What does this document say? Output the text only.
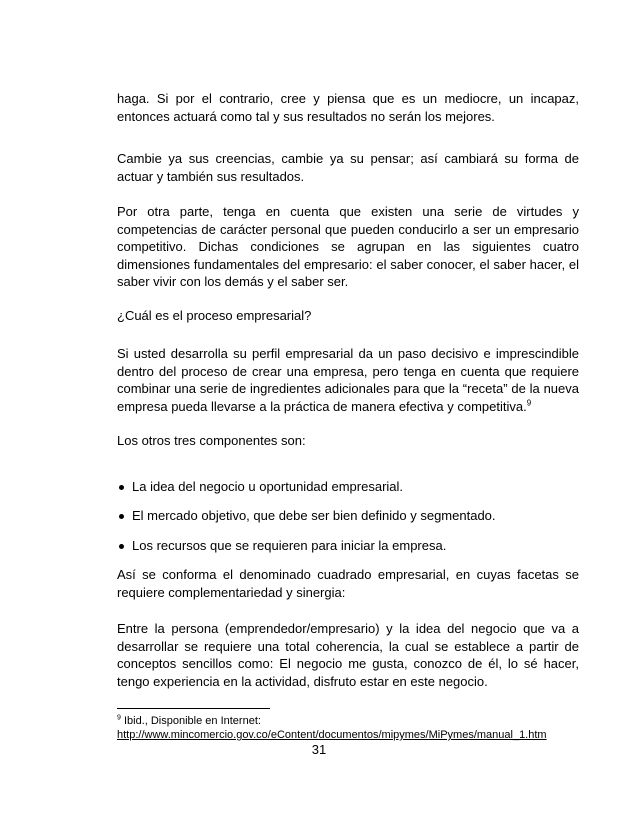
haga. Si por el contrario, cree y piensa que es un mediocre, un incapaz, entonces actuará como tal y sus resultados no serán los mejores.

Cambie ya sus creencias, cambie ya su pensar; así cambiará su forma de actuar y también sus resultados.

Por otra parte, tenga en cuenta que existen una serie de virtudes y competencias de carácter personal que pueden conducirlo a ser un empresario competitivo. Dichas condiciones se agrupan en las siguientes cuatro dimensiones fundamentales del empresario: el saber conocer, el saber hacer, el saber vivir con los demás y el saber ser.

¿Cuál es el proceso empresarial?

Si usted desarrolla su perfil empresarial da un paso decisivo e imprescindible dentro del proceso de crear una empresa, pero tenga en cuenta que requiere combinar una serie de ingredientes adicionales para que la “receta” de la nueva empresa pueda llevarse a la práctica de manera efectiva y competitiva.$^9$

Los otros tres componentes son:

La idea del negocio u oportunidad empresarial.
El mercado objetivo, que debe ser bien definido y segmentado.
Los recursos que se requieren para iniciar la empresa.

Así se conforma el denominado cuadrado empresarial, en cuyas facetas se requiere complementariedad y sinergia:

Entre la persona (emprendedor/empresario) y la idea del negocio que va a desarrollar se requiere una total coherencia, la cual se establece a partir de conceptos sencillos como: El negocio me gusta, conozco de él, lo sé hacer, tengo experiencia en la actividad, disfruto estar en este negocio.

$^9$ Ibid., Disponible en Internet:
http://www.mincomercio.gov.co/eContent/documentos/mipymes/MiPymes/manual_1.htm
31
